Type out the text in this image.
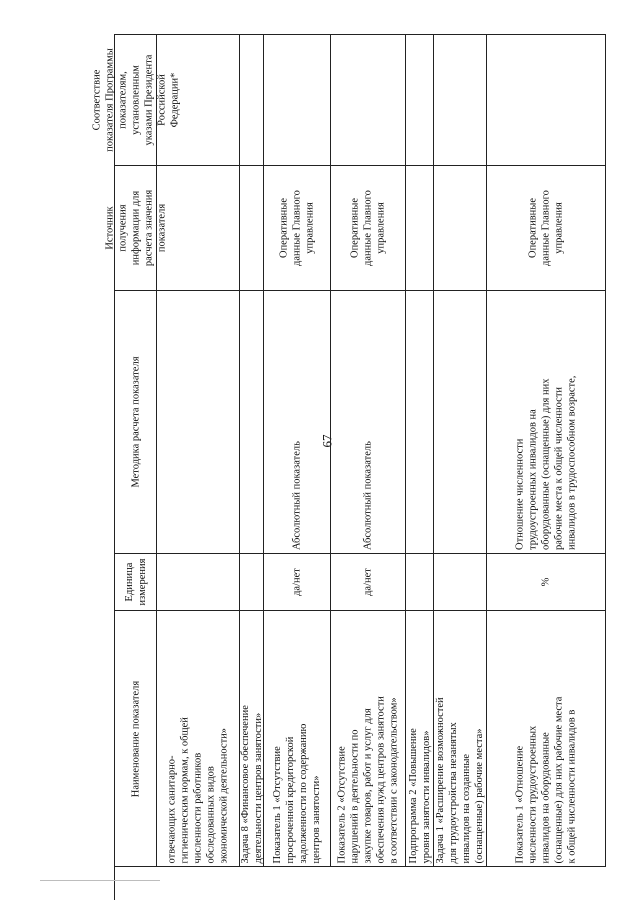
67
Наименование показателя
Единица
измерения
Методика расчета показателя
Источник
получения
информации для
расчета значения
показателя
Соответствие
показателя Программы
показателям,
установленным
указами Президента
Российской
Федерации*
отвечающих санитарно-
гигиеническим нормам, к общей
численности работников
обследованных видов
экономической деятельности»
Задача 8 «Финансовое обеспечение
деятельности центров занятости»
Показатель 1 «Отсутствие
просроченной кредиторской
задолженности по содержанию
центров занятости»
да/нет
Абсолютный показатель
Оперативные
данные Главного
управления
Показатель 2 «Отсутствие
нарушений в деятельности по
закупке товаров, работ и услуг для
обеспечения нужд центров занятости
в соответствии с законодательством»
да/нет
Абсолютный показатель
Оперативные
данные Главного
управления
Подпрограмма 2 «Повышение
уровня занятости инвалидов»
Задача 1 «Расширение возможностей
для трудоустройства незанятых
инвалидов на созданные
(оснащенные) рабочие места»
Показатель 1 «Отношение
численности трудоустроенных
инвалидов на оборудованные
(оснащенные) для них рабочие места
к общей численности инвалидов в
%
Отношение численности
трудоустроенных инвалидов на
оборудованные (оснащенные) для них
рабочие места к общей численности
инвалидов в трудоспособном возрасте,
Оперативные
данные Главного
управления
